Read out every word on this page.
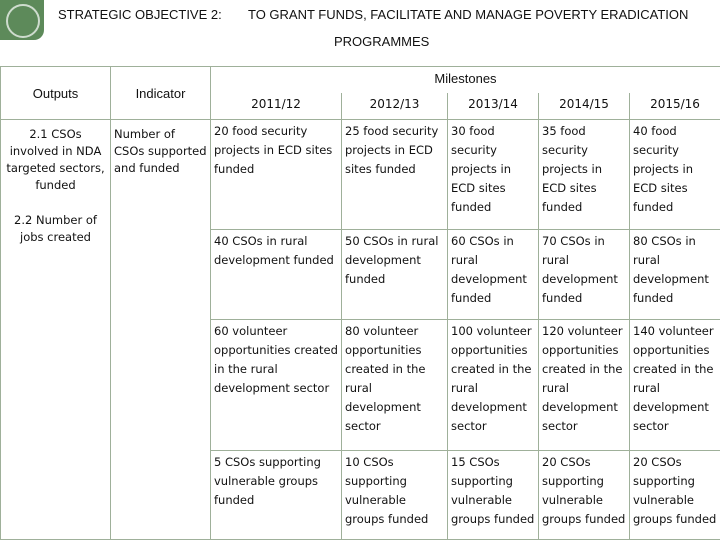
STRATEGIC OBJECTIVE 2: TO GRANT FUNDS, FACILITATE AND MANAGE POVERTY ERADICATION
PROGRAMMES
Outputs	Indicator	Milestones				
		2011/12	2012/13	2013/14	2014/15	2015/16

2.1 CSOs involved in NDA targeted sectors, funded
2.2 Number of jobs created	Number of CSOs supported and funded	20 food security projects in ECD sites funded	25 food security projects in ECD sites funded	30 food security projects in ECD sites funded	35 food security projects in ECD sites funded	40 food security projects in ECD sites funded
		40 CSOs in rural development funded	50 CSOs in rural development funded	60 CSOs in rural development funded	70 CSOs in rural development funded	80 CSOs in rural development funded
		60 volunteer opportunities created in the rural development sector	80 volunteer opportunities created in the rural development sector	100 volunteer opportunities created in the rural development sector	120 volunteer opportunities created in the rural development sector	140 volunteer opportunities created in the rural development sector
		5 CSOs supporting vulnerable groups funded	10 CSOs supporting vulnerable groups funded	15 CSOs supporting vulnerable groups funded	20 CSOs supporting vulnerable groups funded	20 CSOs supporting vulnerable groups funded
